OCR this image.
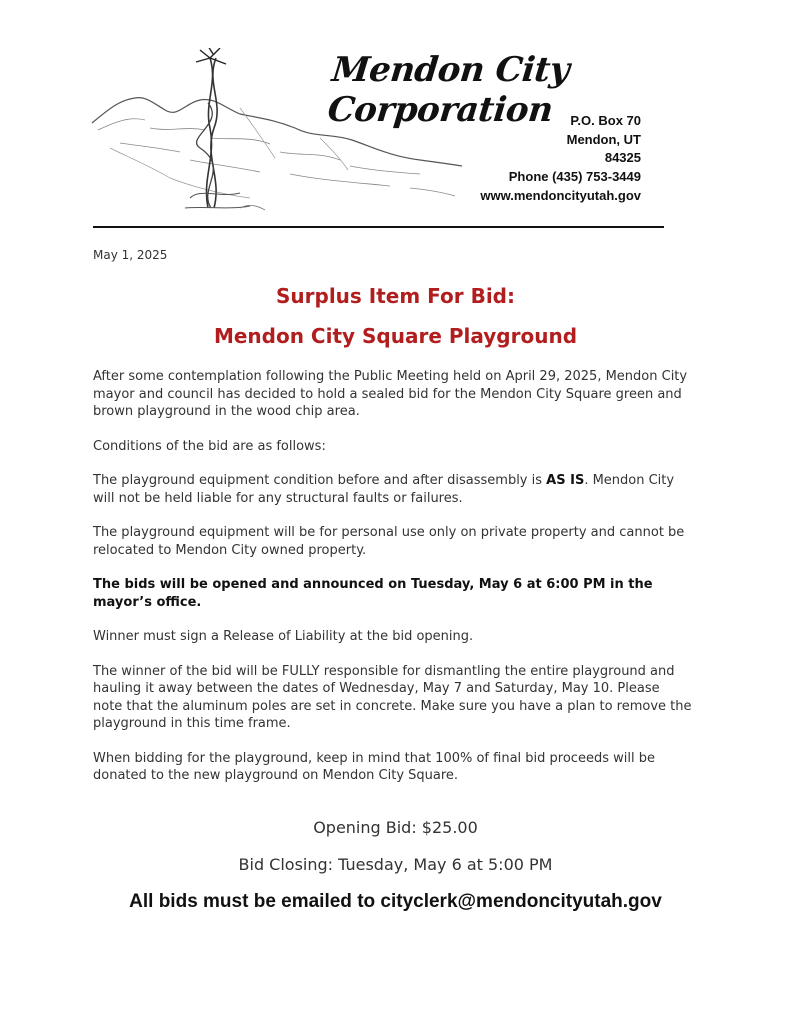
Mendon City Corporation	P.O. Box 70
Mendon, UT
84325
Phone (435) 753-3449
www.mendoncityutah.gov
May 1, 2025
Surplus Item For Bid:
Mendon City Square Playground

After some contemplation following the Public Meeting held on April 29, 2025, Mendon City mayor and council has decided to hold a sealed bid for the Mendon City Square green and brown playground in the wood chip area.

Conditions of the bid are as follows:

The playground equipment condition before and after disassembly is AS IS. Mendon City will not be held liable for any structural faults or failures.

The playground equipment will be for personal use only on private property and cannot be relocated to Mendon City owned property.

The bids will be opened and announced on Tuesday, May 6 at 6:00 PM in the mayor’s office.

Winner must sign a Release of Liability at the bid opening.

The winner of the bid will be FULLY responsible for dismantling the entire playground and hauling it away between the dates of Wednesday, May 7 and Saturday, May 10. Please note that the aluminum poles are set in concrete. Make sure you have a plan to remove the playground in this time frame.

When bidding for the playground, keep in mind that 100% of final bid proceeds will be donated to the new playground on Mendon City Square.

Opening Bid: $25.00
Bid Closing: Tuesday, May 6 at 5:00 PM
All bids must be emailed to cityclerk@mendoncityutah.gov
